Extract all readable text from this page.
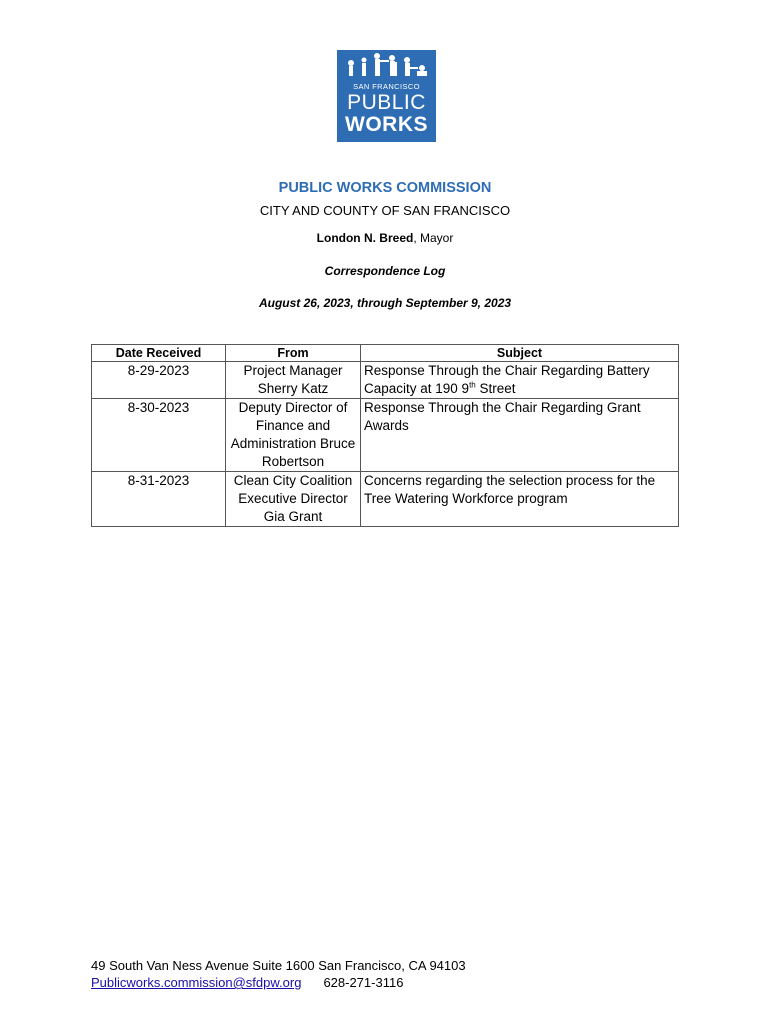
SAN FRANCISCO
PUBLIC
WORKS
PUBLIC WORKS COMMISSION
CITY AND COUNTY OF SAN FRANCISCO
London N. Breed, Mayor
Correspondence Log
August 26, 2023, through September 9, 2023
Date Received	From	Subject
8-29-2023	Project Manager Sherry Katz	Response Through the Chair Regarding Battery Capacity at 190 9th Street
8-30-2023	Deputy Director of Finance and Administration Bruce Robertson	Response Through the Chair Regarding Grant Awards
8-31-2023	Clean City Coalition Executive Director Gia Grant	Concerns regarding the selection process for the Tree Watering Workforce program
49 South Van Ness Avenue Suite 1600 San Francisco, CA 94103
Publicworks.commission@sfdpw.org 628-271-3116
